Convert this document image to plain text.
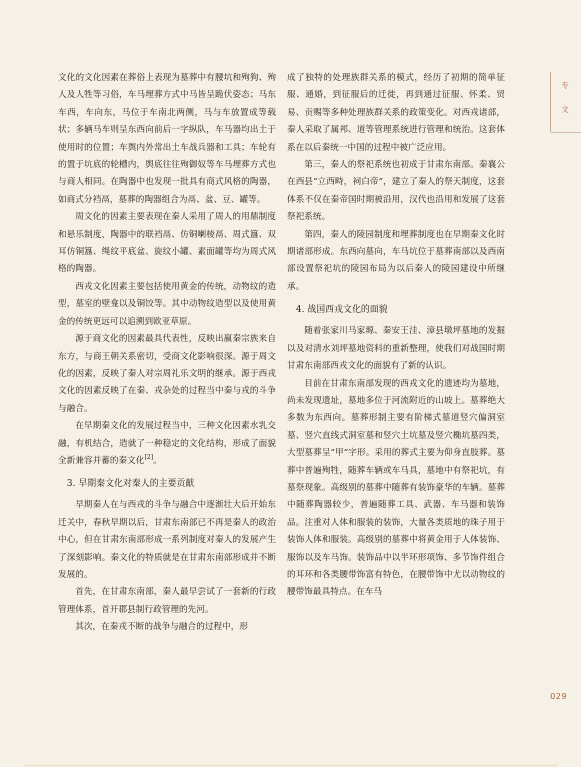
文化的文化因素在葬俗上表现为墓葬中有腰坑和殉狗、殉人及人牲等习俗，车马埋葬方式中马皆呈跪伏姿态；马东车西，车向东，马位于车南北两侧，马与车放置成等载状；多辆马车则呈东西向前后一字纵队，车马器均出土于使用时的位置；车舆内外常出土车战兵器和工具；车轮有的置于坑底的轮槽内，舆底往往殉御奴等车马埋葬方式也与商人相同。在陶器中也发现一批具有商式风格的陶器，如商式分裆鬲，墓葬的陶器组合为鬲、盆、豆、罐等。

周文化的因素主要表现在秦人采用了周人的用鼎制度和悬乐制度，陶器中的联裆鬲、仿铜喇棱鬲、周式簋、双耳仿铜簋、绳纹平底盆、旋纹小罐、素面罐等均为周式风格的陶器。

西戎文化因素主要包括使用黄金的传统，动物纹的造型，墓室的壁龛以及铜饺等。其中动物纹造型以及使用黄金的传统更远可以追溯到欧亚草原。

源于商文化的因素最具代表性，反映出嬴秦宗族来自东方，与商王朝关系密切，受商文化影响很深。源于周文化的因素，反映了秦人对宗周礼乐文明的继承。源于西戎文化的因素反映了在秦、戎杂处的过程当中秦与戎的斗争与融合。

在早期秦文化的发展过程当中，三种文化因素水乳交融，有机结合，造就了一种稳定的文化结构，形成了面貌全新兼容并蓄的秦文化[2]。

3. 早期秦文化对秦人的主要贡献

早期秦人在与西戎的斗争与融合中逐渐壮大后开始东迁关中，春秋早期以后，甘肃东南部已不再是秦人的政治中心，但在甘肃东南部形成一系列制度对秦人的发展产生了深刻影响。秦文化的特质就是在甘肃东南部形成并不断发展的。

首先，在甘肃东南部，秦人最早尝试了一套新的行政管理体系，首开郡县制行政管理的先河。

其次，在秦戎不断的战争与融合的过程中，形

成了独特的处理族群关系的模式，经历了初期的简单征服、通婚，到征服后的迁徙，再到通过征服、怀柔、贸易、贡赐等多种处理族群关系的政策变化。对西戎诸部，秦人采取了属邦、道等管理系统进行管理和统治。这套体系在以后秦统一中国的过程中被广泛应用。

第三，秦人的祭祀系统也初成于甘肃东南部。秦襄公在西县“立西畤，祠白帝”，建立了秦人的祭天制度，这套体系不仅在秦帝国时期被沿用，汉代也沿用和发展了这套祭祀系统。

第四，秦人的陵园制度和埋葬制度也在早期秦文化时期诸部形成。东西向墓向，车马坑位于墓葬南部以及西南部设置祭祀坑的陵园布局为以后秦人的陵园建设中所继承。

4. 战国西戎文化的面貌

随着张家川马家塬、秦安王洼、漳县墩坪墓地的发掘以及对清水刘坪墓地资料的重新整理，使我们对战国时期甘肃东南部西戎文化的面貌有了新的认识。

目前在甘肃东南部发现的西戎文化的遗迹均为墓地，尚未发现遗址，墓地多位于河流附近的山坡上。墓葬绝大多数为东西向。墓葬形制主要有阶梯式墓道竖穴偏洞室墓、竖穴直线式洞室墓和竖穴土坑墓及竖穴椭坑墓四类，大型墓葬呈“甲”字形。采用的葬式主要为仰身直肢葬。墓葬中普遍殉牲，随葬车辆或车马具，墓地中有祭祀坑，有墓祭现象。高级别的墓葬中随葬有装饰豪华的车辆。墓葬中随葬陶器较少，普遍随葬工具、武器、车马器和装饰品。注重对人体和服装的装饰，大量各类质地的珠子用于装饰人体和服装。高级别的墓葬中将黄金用于人体装饰、服饰以及车马饰。装饰品中以半环形项饰、多节饰件组合的耳环和各类腰带饰富有特色，在腰带饰中尤以动物纹的腰带饰最具特点。在车马

专
文
029
